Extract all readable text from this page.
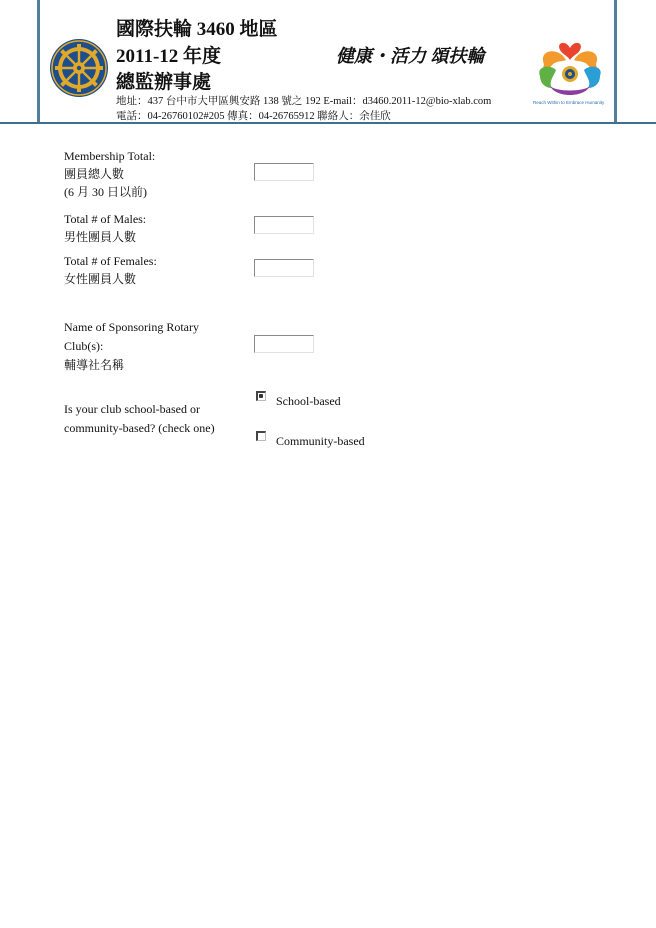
國際扶輪 3460 地區
2011-12 年度
總監辦事處
健康・活力 頌扶輪
地址：437 台中市大甲區興安路 138 號之 192 E-mail：d3460.2011-12@bio-xlab.com
電話：04-26760102#205 傳真：04-26765912 聯絡人：余佳欣
Reach Within to Embrace Humanity
Membership Total:
團員總人數
(6 月 30 日以前)
Total # of Males:
男性團員人數
Total # of Females:
女性團員人數
Name of Sponsoring Rotary
Club(s):
輔導社名稱
Is your club school-based or
community-based? (check one)
School-based
Community-based
